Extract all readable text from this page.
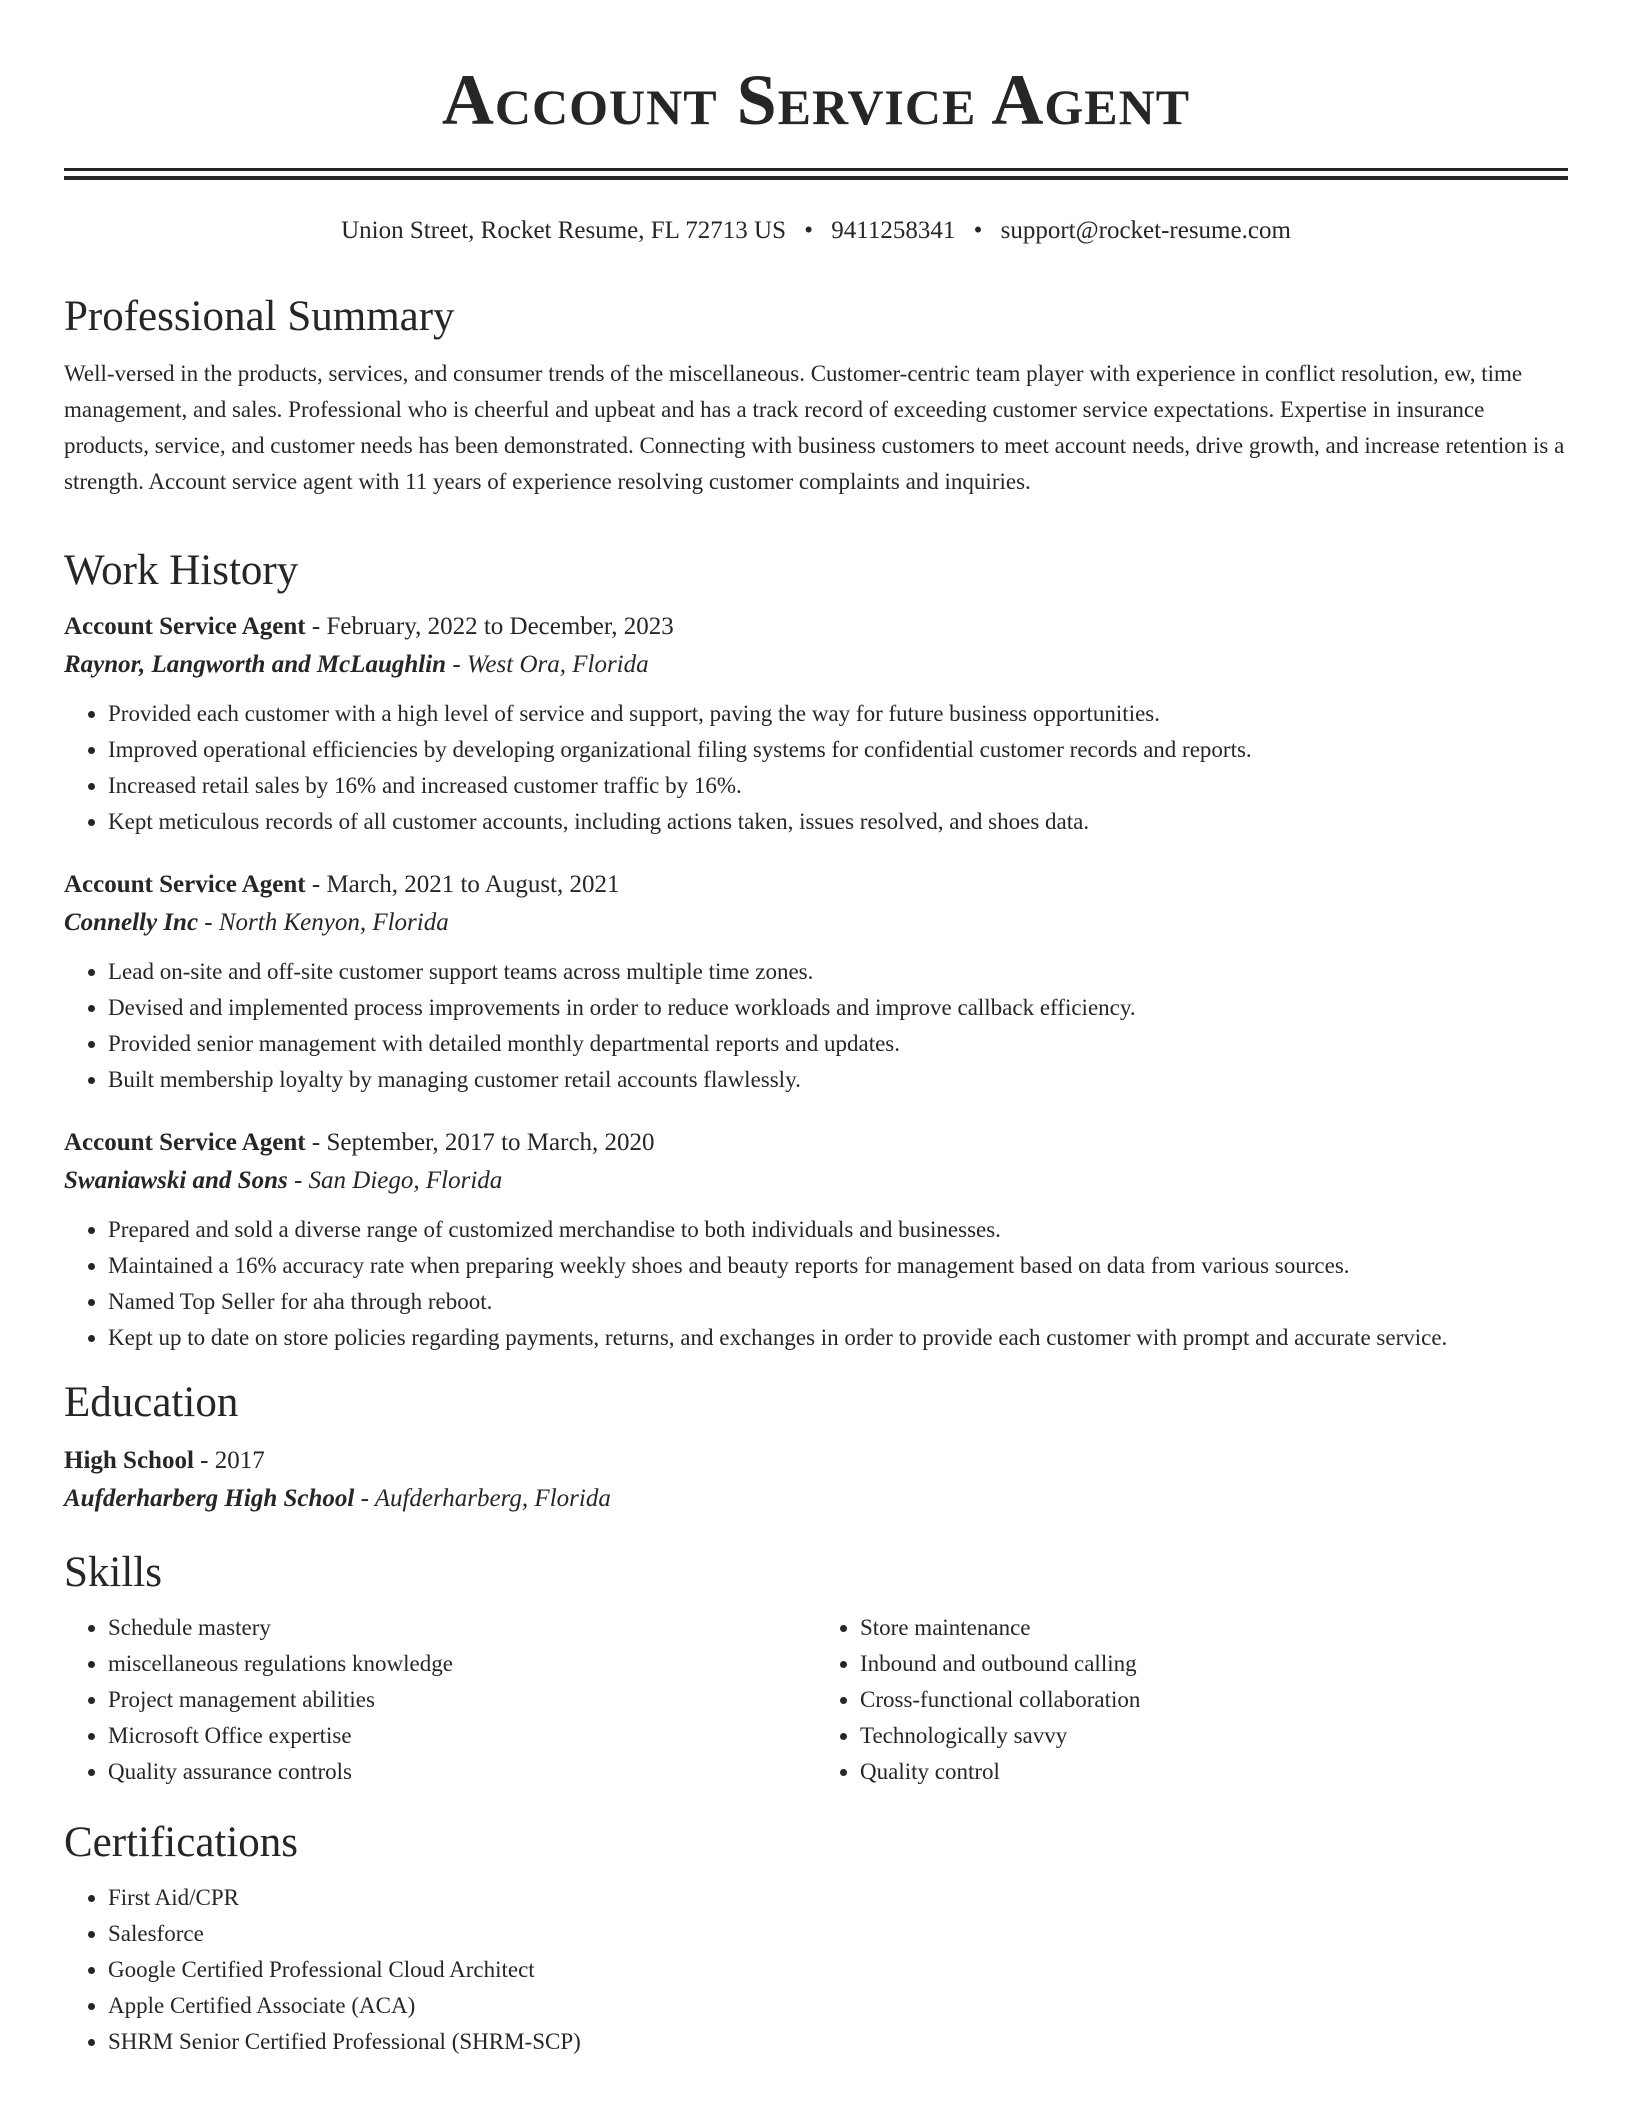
Account Service Agent
Union Street, Rocket Resume, FL 72713 US • 9411258341 • support@rocket-resume.com
Professional Summary

Well-versed in the products, services, and consumer trends of the miscellaneous. Customer-centric team player with experience in conflict resolution, ew, time management, and sales. Professional who is cheerful and upbeat and has a track record of exceeding customer service expectations. Expertise in insurance products, service, and customer needs has been demonstrated. Connecting with business customers to meet account needs, drive growth, and increase retention is a strength. Account service agent with 11 years of experience resolving customer complaints and inquiries.

Work History
Account Service Agent - February, 2022 to December, 2023
Raynor, Langworth and McLaughlin - West Ora, Florida
• Provided each customer with a high level of service and support, paving the way for future business opportunities.
• Improved operational efficiencies by developing organizational filing systems for confidential customer records and reports.
• Increased retail sales by 16% and increased customer traffic by 16%.
• Kept meticulous records of all customer accounts, including actions taken, issues resolved, and shoes data.
Account Service Agent - March, 2021 to August, 2021
Connelly Inc - North Kenyon, Florida
• Lead on-site and off-site customer support teams across multiple time zones.
• Devised and implemented process improvements in order to reduce workloads and improve callback efficiency.
• Provided senior management with detailed monthly departmental reports and updates.
• Built membership loyalty by managing customer retail accounts flawlessly.
Account Service Agent - September, 2017 to March, 2020
Swaniawski and Sons - San Diego, Florida
• Prepared and sold a diverse range of customized merchandise to both individuals and businesses.
• Maintained a 16% accuracy rate when preparing weekly shoes and beauty reports for management based on data from various sources.
• Named Top Seller for aha through reboot.
• Kept up to date on store policies regarding payments, returns, and exchanges in order to provide each customer with prompt and accurate service.
Education
High School - 2017
Aufderharberg High School - Aufderharberg, Florida
Skills
• Schedule mastery
• miscellaneous regulations knowledge
• Project management abilities
• Microsoft Office expertise
• Quality assurance controls
• Store maintenance
• Inbound and outbound calling
• Cross-functional collaboration
• Technologically savvy
• Quality control
Certifications
• First Aid/CPR
• Salesforce
• Google Certified Professional Cloud Architect
• Apple Certified Associate (ACA)
• SHRM Senior Certified Professional (SHRM-SCP)
